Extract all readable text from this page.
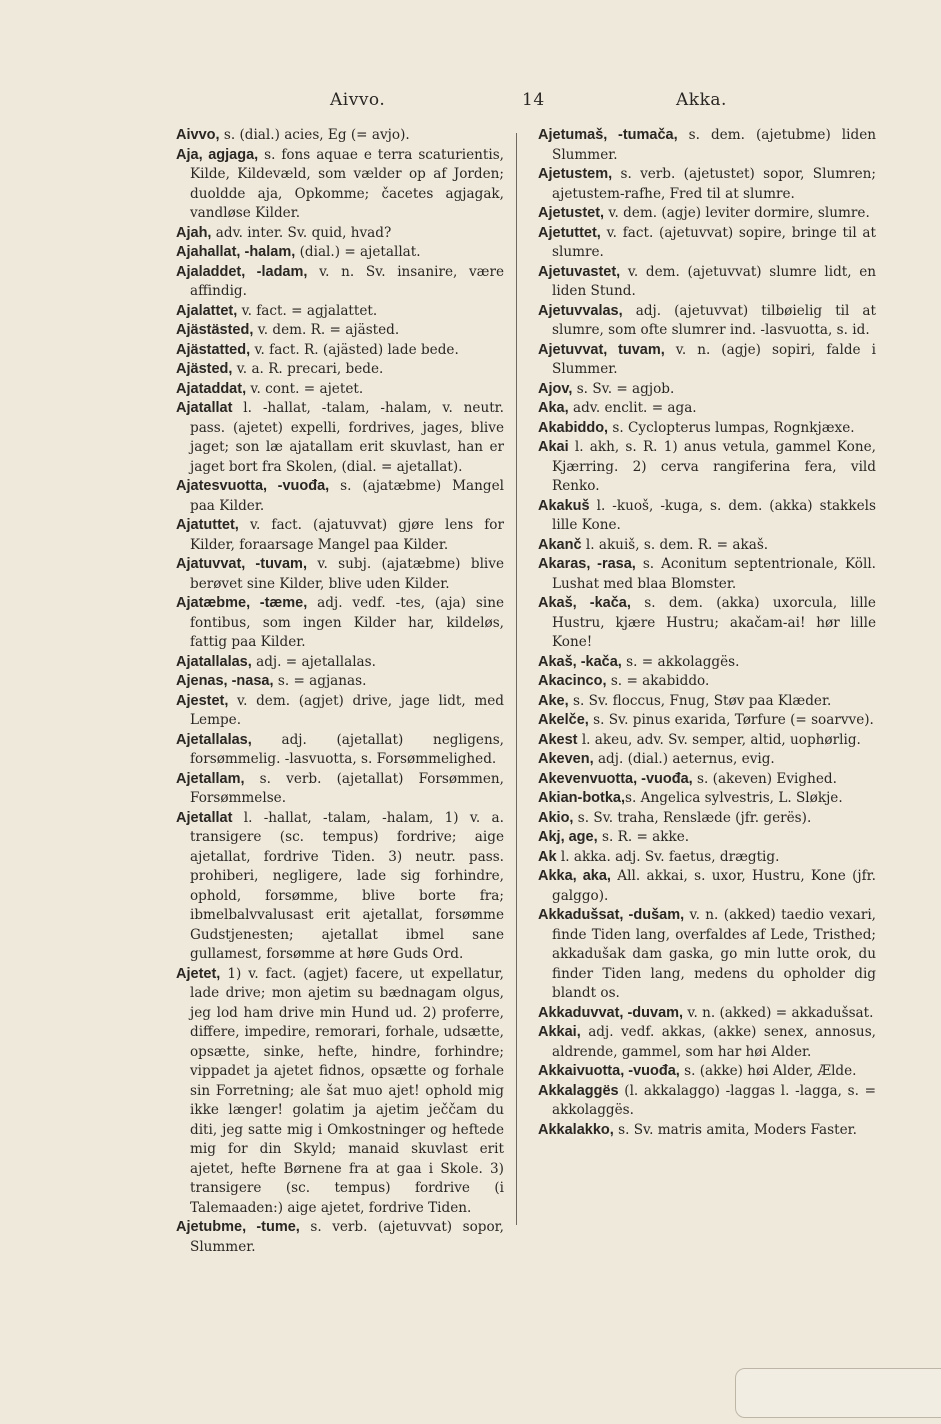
Aivvo.	14	Akka.

Aivvo, s. (dial.) acies, Eg (= avjo).

Aja, agjaga, s. fons aquae e terra scaturientis, Kilde, Kildevæld, som vælder op af Jorden; duoldde aja, Opkomme; čacetes agjagak, vandløse Kilder.

Ajah, adv. inter. Sv. quid, hvad?

Ajahallat, -halam, (dial.) = ajetallat.

Ajaladdet, -ladam, v. n. Sv. insanire, være affindig.

Ajalattet, v. fact. = agjalattet.

Ajästästed, v. dem. R. = ajästed.

Ajästatted, v. fact. R. (ajästed) lade bede.

Ajästed, v. a. R. precari, bede.

Ajataddat, v. cont. = ajetet.

Ajatallat l. -hallat, -talam, -halam, v. neutr. pass. (ajetet) expelli, fordrives, jages, blive jaget; son læ ajatallam erit skuvlast, han er jaget bort fra Skolen, (dial. = ajetallat).

Ajatesvuotta, -vuođa, s. (ajatæbme) Mangel paa Kilder.

Ajatuttet, v. fact. (ajatuvvat) gjøre lens for Kilder, foraarsage Mangel paa Kilder.

Ajatuvvat, -tuvam, v. subj. (ajatæbme) blive berøvet sine Kilder, blive uden Kilder.

Ajatæbme, -tæme, adj. vedf. -tes, (aja) sine fontibus, som ingen Kilder har, kildeløs, fattig paa Kilder.

Ajatallalas, adj. = ajetallalas.

Ajenas, -nasa, s. = agjanas.

Ajestet, v. dem. (agjet) drive, jage lidt, med Lempe.

Ajetallalas, adj. (ajetallat) negligens, forsømmelig. -lasvuotta, s. Forsømmelighed.

Ajetallam, s. verb. (ajetallat) Forsømmen, Forsømmelse.

Ajetallat l. -hallat, -talam, -halam, 1) v. a. transigere (sc. tempus) fordrive; aige ajetallat, fordrive Tiden. 3) neutr. pass. prohiberi, negligere, lade sig forhindre, ophold, forsømme, blive borte fra; ibmelbalvvalusast erit ajetallat, forsømme Gudstjenesten; ajetallat ibmel sane gullamest, forsømme at høre Guds Ord.

Ajetet, 1) v. fact. (agjet) facere, ut expellatur, lade drive; mon ajetim su bædnagam olgus, jeg lod ham drive min Hund ud. 2) proferre, differe, impedire, remorari, forhale, udsætte, opsætte, sinke, hefte, hindre, forhindre; vippadet ja ajetet fidnos, opsætte og forhale sin Forretning; ale šat muo ajet! ophold mig ikke længer! golatim ja ajetim ječčam du diti, jeg satte mig i Omkostninger og heftede mig for din Skyld; manaid skuvlast erit ajetet, hefte Børnene fra at gaa i Skole. 3) transigere (sc. tempus) fordrive (i Talemaaden:) aige ajetet, fordrive Tiden.

Ajetubme, -tume, s. verb. (ajetuvvat) sopor, Slummer.

Ajetumaš, -tumača, s. dem. (ajetubme) liden Slummer.

Ajetustem, s. verb. (ajetustet) sopor, Slumren; ajetustem-rafhe, Fred til at slumre.

Ajetustet, v. dem. (agje) leviter dormire, slumre.

Ajetuttet, v. fact. (ajetuvvat) sopire, bringe til at slumre.

Ajetuvastet, v. dem. (ajetuvvat) slumre lidt, en liden Stund.

Ajetuvvalas, adj. (ajetuvvat) tilbøielig til at slumre, som ofte slumrer ind. -lasvuotta, s. id.

Ajetuvvat, tuvam, v. n. (agje) sopiri, falde i Slummer.

Ajov, s. Sv. = agjob.

Aka, adv. enclit. = aga.

Akabiddo, s. Cyclopterus lumpas, Rognkjæxe.

Akai l. akh, s. R. 1) anus vetula, gammel Kone, Kjærring. 2) cerva rangiferina fera, vild Renko.

Akakuš l. -kuoš, -kuga, s. dem. (akka) stakkels lille Kone.

Akanč l. akuiš, s. dem. R. = akaš.

Akaras, -rasa, s. Aconitum septentrionale, Köll. Lushat med blaa Blomster.

Akaš, -kača, s. dem. (akka) uxorcula, lille Hustru, kjære Hustru; akačam-ai! hør lille Kone!

Akaš, -kača, s. = akkolaggës.

Akacinco, s. = akabiddo.

Ake, s. Sv. floccus, Fnug, Støv paa Klæder.

Akelče, s. Sv. pinus exarida, Tørfure (= soarvve).

Akest l. akeu, adv. Sv. semper, altid, uophørlig.

Akeven, adj. (dial.) aeternus, evig.

Akevenvuotta, -vuođa, s. (akeven) Evighed.

Akian-botka,s. Angelica sylvestris, L. Sløkje.

Akio, s. Sv. traha, Renslæde (jfr. gerës).

Akj, age, s. R. = akke.

Ak l. akka. adj. Sv. faetus, drægtig.

Akka, aka, All. akkai, s. uxor, Hustru, Kone (jfr. galggo).

Akkadušsat, -dušam, v. n. (akked) taedio vexari, finde Tiden lang, overfaldes af Lede, Tristhed; akkadušak dam gaska, go min lutte orok, du finder Tiden lang, medens du opholder dig blandt os.

Akkaduvvat, -duvam, v. n. (akked) = akkadušsat.

Akkai, adj. vedf. akkas, (akke) senex, annosus, aldrende, gammel, som har høi Alder.

Akkaivuotta, -vuođa, s. (akke) høi Alder, Ælde.

Akkalaggës (l. akkalaggo) -laggas l. -lagga, s. = akkolaggës.

Akkalakko, s. Sv. matris amita, Moders Faster.
